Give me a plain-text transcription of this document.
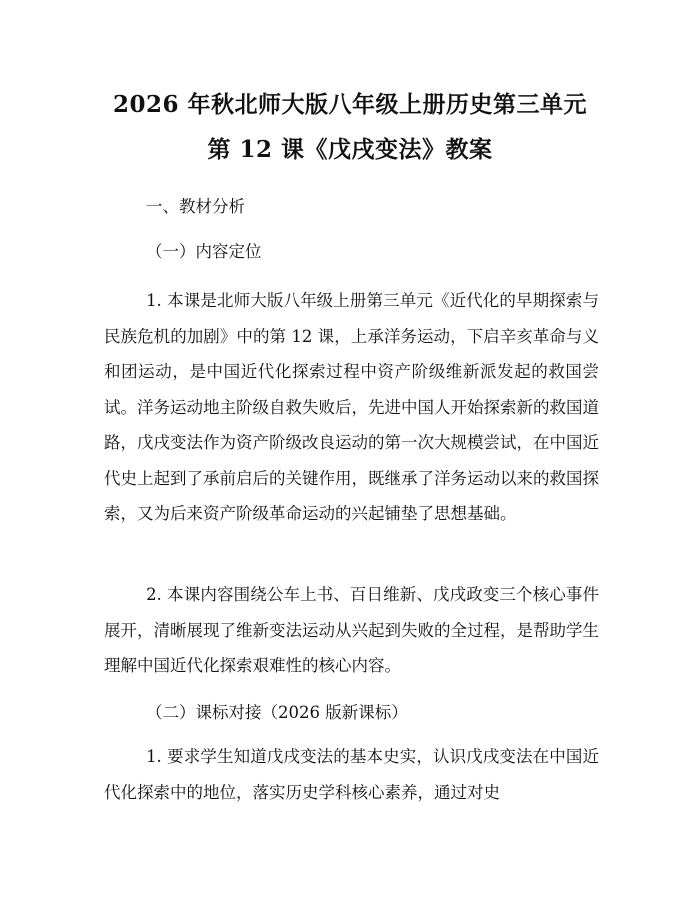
2026 年秋北师大版八年级上册历史第三单元
第 12 课《戊戌变法》教案
一、教材分析
（一）内容定位

1. 本课是北师大版八年级上册第三单元《近代化的早期探索与民族危机的加剧》中的第 12 课，上承洋务运动，下启辛亥革命与义和团运动，是中国近代化探索过程中资产阶级维新派发起的救国尝试。洋务运动地主阶级自救失败后，先进中国人开始探索新的救国道路，戊戌变法作为资产阶级改良运动的第一次大规模尝试，在中国近代史上起到了承前启后的关键作用，既继承了洋务运动以来的救国探索，又为后来资产阶级革命运动的兴起铺垫了思想基础。

2. 本课内容围绕公车上书、百日维新、戊戌政变三个核心事件展开，清晰展现了维新变法运动从兴起到失败的全过程，是帮助学生理解中国近代化探索艰难性的核心内容。

（二）课标对接（2026 版新课标）

1. 要求学生知道戊戌变法的基本史实，认识戊戌变法在中国近代化探索中的地位，落实历史学科核心素养，通过对史
